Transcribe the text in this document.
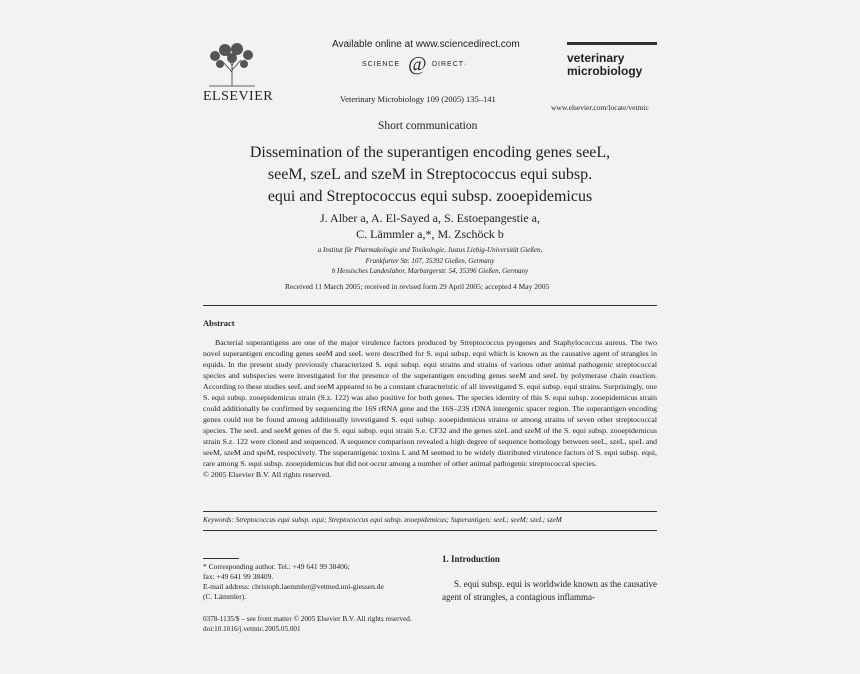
ELSEVIER
Available online at www.sciencedirect.com
SCIENCE @ DIRECT·
Veterinary Microbiology 109 (2005) 135–141
veterinary
microbiology
www.elsevier.com/locate/vetmic
Short communication
Dissemination of the superantigen encoding genes seeL,
seeM, szeL and szeM in Streptococcus equi subsp.
equi and Streptococcus equi subsp. zooepidemicus
J. Alber a, A. El-Sayed a, S. Estoepangestie a,
C. Lämmler a,*, M. Zschöck b
a Institut für Pharmakologie und Toxikologie, Justus Liebig-Universität Gießen,
Frankfurter Str. 107, 35392 Gießen, Germany
b Hessisches Landeslabor, Marburgerstr. 54, 35396 Gießen, Germany
Received 11 March 2005; received in revised form 29 April 2005; accepted 4 May 2005
Abstract
Bacterial superantigens are one of the major virulence factors produced by Streptococcus pyogenes and Staphylococcus aureus. The two novel superantigen encoding genes seeM and seeL were described for S. equi subsp. equi which is known as the causative agent of strangles in equids. In the present study previously characterized S. equi subsp. equi strains and strains of various other animal pathogenic streptococcal species and subspecies were investigated for the presence of the superantigen encoding genes seeM and seeL by polymerase chain reaction. According to these studies seeL and seeM appeared to be a constant characteristic of all investigated S. equi subsp. equi strains. Surprisingly, one S. equi subsp. zooepidemicus strain (S.z. 122) was also positive for both genes. The species identity of this S. equi subsp. zooepidemicus strain could additionally be confirmed by sequencing the 16S rRNA gene and the 16S–23S rDNA intergenic spacer region. The superantigen encoding genes could not be found among additionally investigated S. equi subsp. zooepidemicus strains or among strains of seven other streptococcal species. The seeL and seeM genes of the S. equi subsp. equi strain S.e. CF32 and the genes szeL and szeM of the S. equi subsp. zooepidemicus strain S.z. 122 were cloned and sequenced. A sequence comparison revealed a high degree of sequence homology between seeL, szeL, speL and seeM, szeM and speM, respectively. The superantigenic toxins L and M seemed to be widely distributed virulence factors of S. equi subsp. equi, rare among S. equi subsp. zooepidemicus but did not occur among a number of other animal pathogenic streptococcal species.
© 2005 Elsevier B.V. All rights reserved.
Keywords: Streptococcus equi subsp. equi; Streptococcus equi subsp. zooepidemicus; Superantigen; seeL; seeM; szeL; szeM
* Corresponding author. Tel.: +49 641 99 38406;
fax: +49 641 99 38409.
E-mail address: christoph.laemmler@vetmed.uni-giessen.de
(C. Lämmler).
1. Introduction
S. equi subsp. equi is worldwide known as the causative agent of strangles, a contagious inflamma-
0378-1135/$ – see front matter © 2005 Elsevier B.V. All rights reserved.
doi:10.1016/j.vetmic.2005.05.001
